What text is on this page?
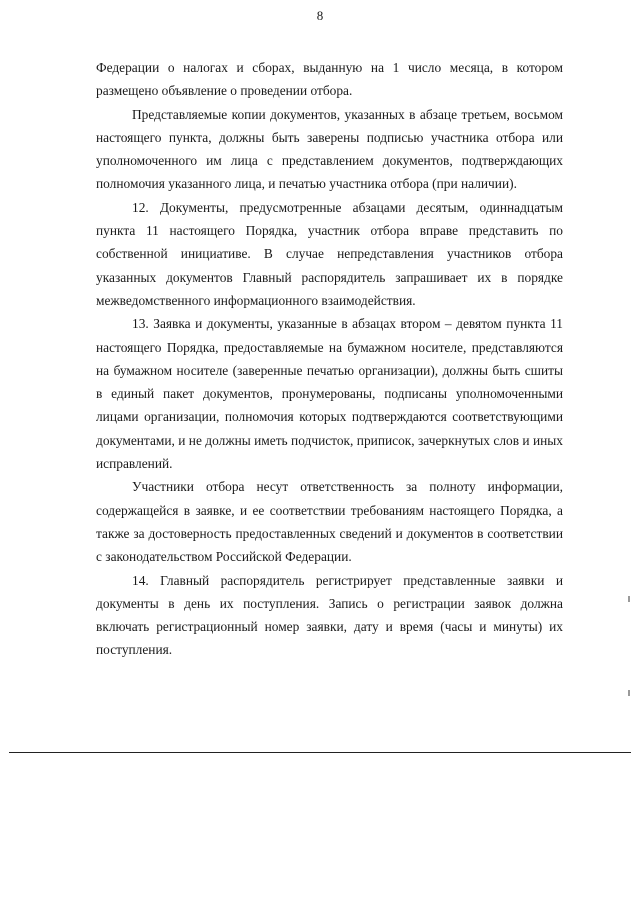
8

Федерации о налогах и сборах, выданную на 1 число месяца, в котором размещено объявление о проведении отбора.

Представляемые копии документов, указанных в абзаце третьем, восьмом настоящего пункта, должны быть заверены подписью участника отбора или уполномоченного им лица с представлением документов, подтверждающих полномочия указанного лица, и печатью участника отбора (при наличии).

12. Документы, предусмотренные абзацами десятым, одиннадцатым пункта 11 настоящего Порядка, участник отбора вправе представить по собственной инициативе. В случае непредставления участников отбора указанных документов Главный распорядитель запрашивает их в порядке межведомственного информационного взаимодействия.

13. Заявка и документы, указанные в абзацах втором – девятом пункта 11 настоящего Порядка, предоставляемые на бумажном носителе, представляются на бумажном носителе (заверенные печатью организации), должны быть сшиты в единый пакет документов, пронумерованы, подписаны уполномоченными лицами организации, полномочия которых подтверждаются соответствующими документами, и не должны иметь подчисток, приписок, зачеркнутых слов и иных исправлений.

Участники отбора несут ответственность за полноту информации, содержащейся в заявке, и ее соответствии требованиям настоящего Порядка, а также за достоверность предоставленных сведений и документов в соответствии с законодательством Российской Федерации.

14. Главный распорядитель регистрирует представленные заявки и документы в день их поступления. Запись о регистрации заявок должна включать регистрационный номер заявки, дату и время (часы и минуты) их поступления.
